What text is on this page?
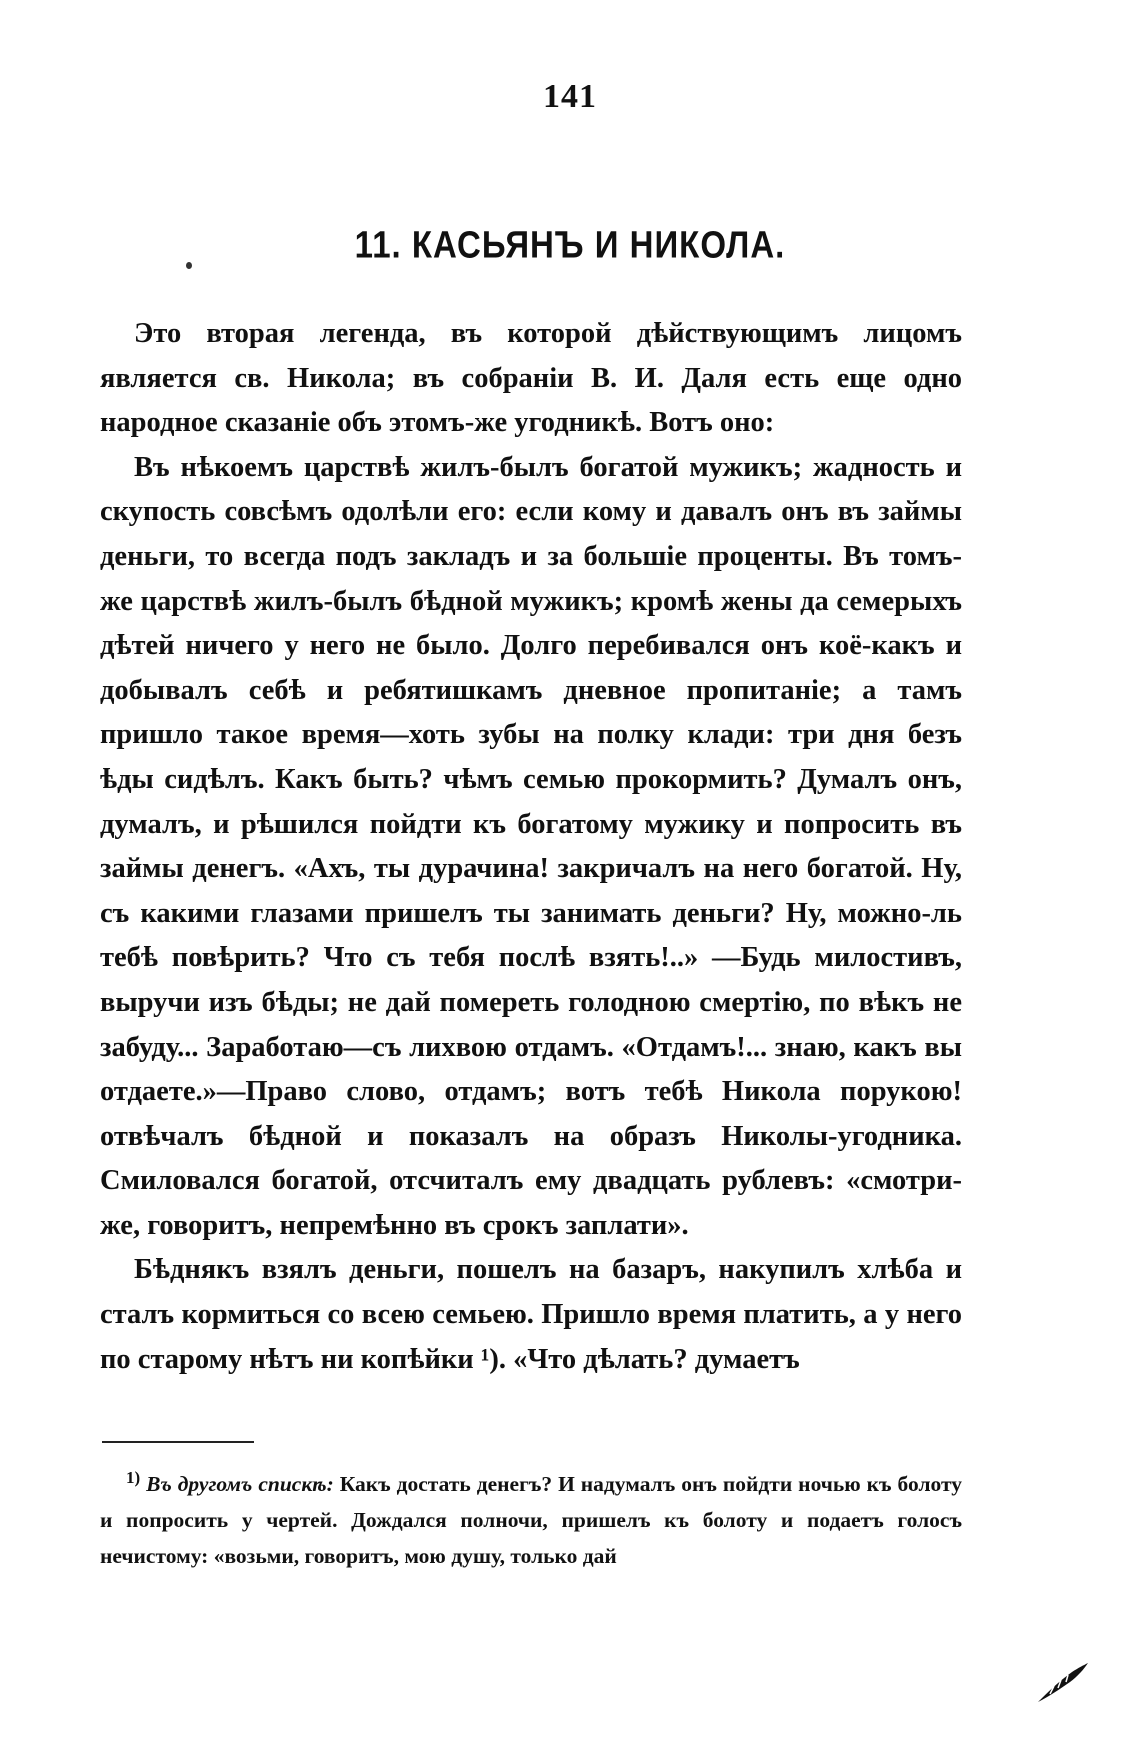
141
11. КАСЬЯНЪ И НИКОЛА.

Это вторая легенда, въ которой дѣйствующимъ лицомъ является св. Никола; въ собраніи В. И. Даля есть еще одно народное сказаніе объ этомъ-же угодникѣ. Вотъ оно:

Въ нѣкоемъ царствѣ жилъ-былъ богатой мужикъ; жадность и скупость совсѣмъ одолѣли его: если кому и давалъ онъ въ займы деньги, то всегда подъ закладъ и за большіе проценты. Въ томъ-же царствѣ жилъ-былъ бѣдной мужикъ; кромѣ жены да семерыхъ дѣтей ничего у него не было. Долго перебивался онъ коё-какъ и добывалъ себѣ и ребятишкамъ дневное пропитаніе; а тамъ пришло такое время—хоть зубы на полку клади: три дня безъ ѣды сидѣлъ. Какъ быть? чѣмъ семью прокормить? Думалъ онъ, думалъ, и рѣшился пойдти къ богатому мужику и попросить въ займы денегъ. «Ахъ, ты дурачина! закричалъ на него богатой. Ну, съ какими глазами пришелъ ты занимать деньги? Ну, можно-ль тебѣ повѣрить? Что съ тебя послѣ взять!..» —Будь милостивъ, выручи изъ бѣды; не дай помереть голодною смертію, по вѣкъ не забуду... Заработаю—съ лихвою отдамъ. «Отдамъ!... знаю, какъ вы отдаете.»—Право слово, отдамъ; вотъ тебѣ Никола порукою! отвѣчалъ бѣдной и показалъ на образъ Николы-угодника. Смиловался богатой, отсчиталъ ему двадцать рублевъ: «смотри-же, говоритъ, непремѣнно въ срокъ заплати».

Бѣднякъ взялъ деньги, пошелъ на базаръ, накупилъ хлѣба и сталъ кормиться со всею семьею. Пришло время платить, а у него по старому нѣтъ ни копѣйки ¹). «Что дѣлать? думаетъ

$^{1)}$ Въ другомъ спискѣ: Какъ достать денегъ? И надумалъ онъ пойдти ночью къ болоту и попросить у чертей. Дождался полночи, пришелъ къ болоту и подаетъ голосъ нечистому: «возьми, говоритъ, мою душу, только дай
